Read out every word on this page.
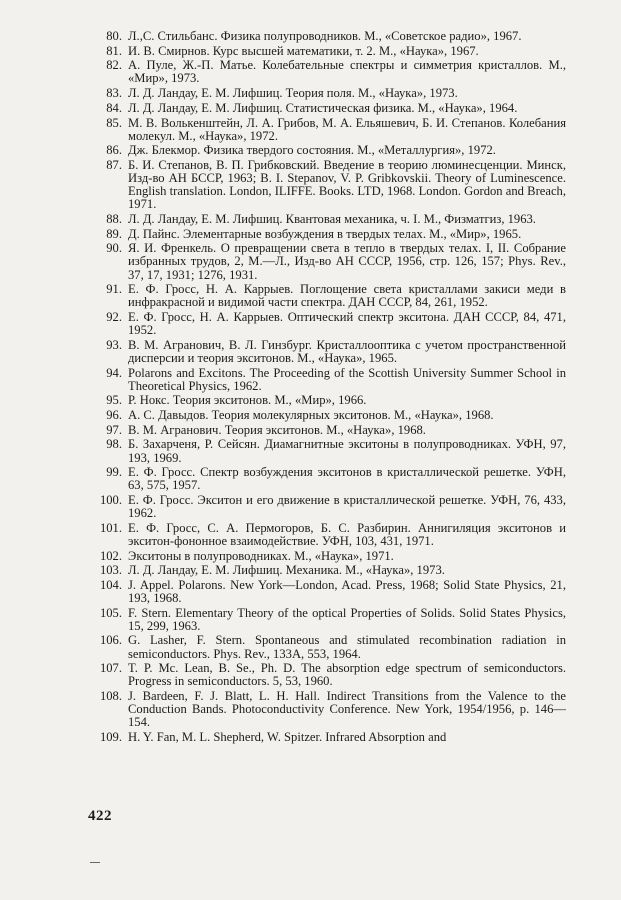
80. Л.,С. Стильбанс. Физика полупроводников. М., «Советское радио», 1967.
81. И. В. Смирнов. Курс высшей математики, т. 2. М., «Наука», 1967.
82. А. Пуле, Ж.-П. Матье. Колебательные спектры и симметрия кристаллов. М., «Мир», 1973.
83. Л. Д. Ландау, Е. М. Лифшиц. Теория поля. М., «Наука», 1973.
84. Л. Д. Ландау, Е. М. Лифшиц. Статистическая физика. М., «Наука», 1964.
85. М. В. Волькенштейн, Л. А. Грибов, М. А. Ельяшевич, Б. И. Степанов. Колебания молекул. М., «Наука», 1972.
86. Дж. Блекмор. Физика твердого состояния. М., «Металлургия», 1972.
87. Б. И. Степанов, В. П. Грибковский. Введение в теорию люминесценции. Минск, Изд-во АН БССР, 1963; B. I. Stepanov, V. P. Gribkovskii. Theory of Luminescence. English translation. London, ILIFFE. Books. LTD, 1968. London. Gordon and Breach, 1971.
88. Л. Д. Ландау, Е. М. Лифшиц. Квантовая механика, ч. I. М., Физматгиз, 1963.
89. Д. Пайнс. Элементарные возбуждения в твердых телах. М., «Мир», 1965.
90. Я. И. Френкель. О превращении света в тепло в твердых телах. I, II. Собрание избранных трудов, 2, М.—Л., Изд-во АН СССР, 1956, стр. 126, 157; Phys. Rev., 37, 17, 1931; 1276, 1931.
91. Е. Ф. Гросс, Н. А. Каррыев. Поглощение света кристаллами закиси меди в инфракрасной и видимой части спектра. ДАН СССР, 84, 261, 1952.
92. Е. Ф. Гросс, Н. А. Каррыев. Оптический спектр экситона. ДАН СССР, 84, 471, 1952.
93. В. М. Агранович, В. Л. Гинзбург. Кристаллооптика с учетом пространственной дисперсии и теория экситонов. М., «Наука», 1965.
94. Polarons and Excitons. The Proceeding of the Scottish University Summer School in Theoretical Physics, 1962.
95. Р. Нокс. Теория экситонов. М., «Мир», 1966.
96. А. С. Давыдов. Теория молекулярных экситонов. М., «Наука», 1968.
97. В. М. Агранович. Теория экситонов. М., «Наука», 1968.
98. Б. Захарченя, Р. Сейсян. Диамагнитные экситоны в полупроводниках. УФН, 97, 193, 1969.
99. Е. Ф. Гросс. Спектр возбуждения экситонов в кристаллической решетке. УФН, 63, 575, 1957.
100. Е. Ф. Гросс. Экситон и его движение в кристаллической решетке. УФН, 76, 433, 1962.
101. Е. Ф. Гросс, С. А. Пермогоров, Б. С. Разбирин. Аннигиляция экситонов и экситон-фононное взаимодействие. УФН, 103, 431, 1971.
102. Экситоны в полупроводниках. М., «Наука», 1971.
103. Л. Д. Ландау, Е. М. Лифшиц. Механика. М., «Наука», 1973.
104. J. Appel. Polarons. New York—London, Acad. Press, 1968; Solid State Physics, 21, 193, 1968.
105. F. Stern. Elementary Theory of the optical Properties of Solids. Solid States Physics, 15, 299, 1963.
106. G. Lasher, F. Stern. Spontaneous and stimulated recombination radiation in semiconductors. Phys. Rev., 133A, 553, 1964.
107. T. P. Mc. Lean, B. Se., Ph. D. The absorption edge spectrum of semiconductors. Progress in semiconductors. 5, 53, 1960.
108. J. Bardeen, F. J. Blatt, L. H. Hall. Indirect Transitions from the Valence to the Conduction Bands. Photoconductivity Conference. New York, 1954/1956, p. 146—154.
109. H. Y. Fan, M. L. Shepherd, W. Spitzer. Infrared Absorption and
422
